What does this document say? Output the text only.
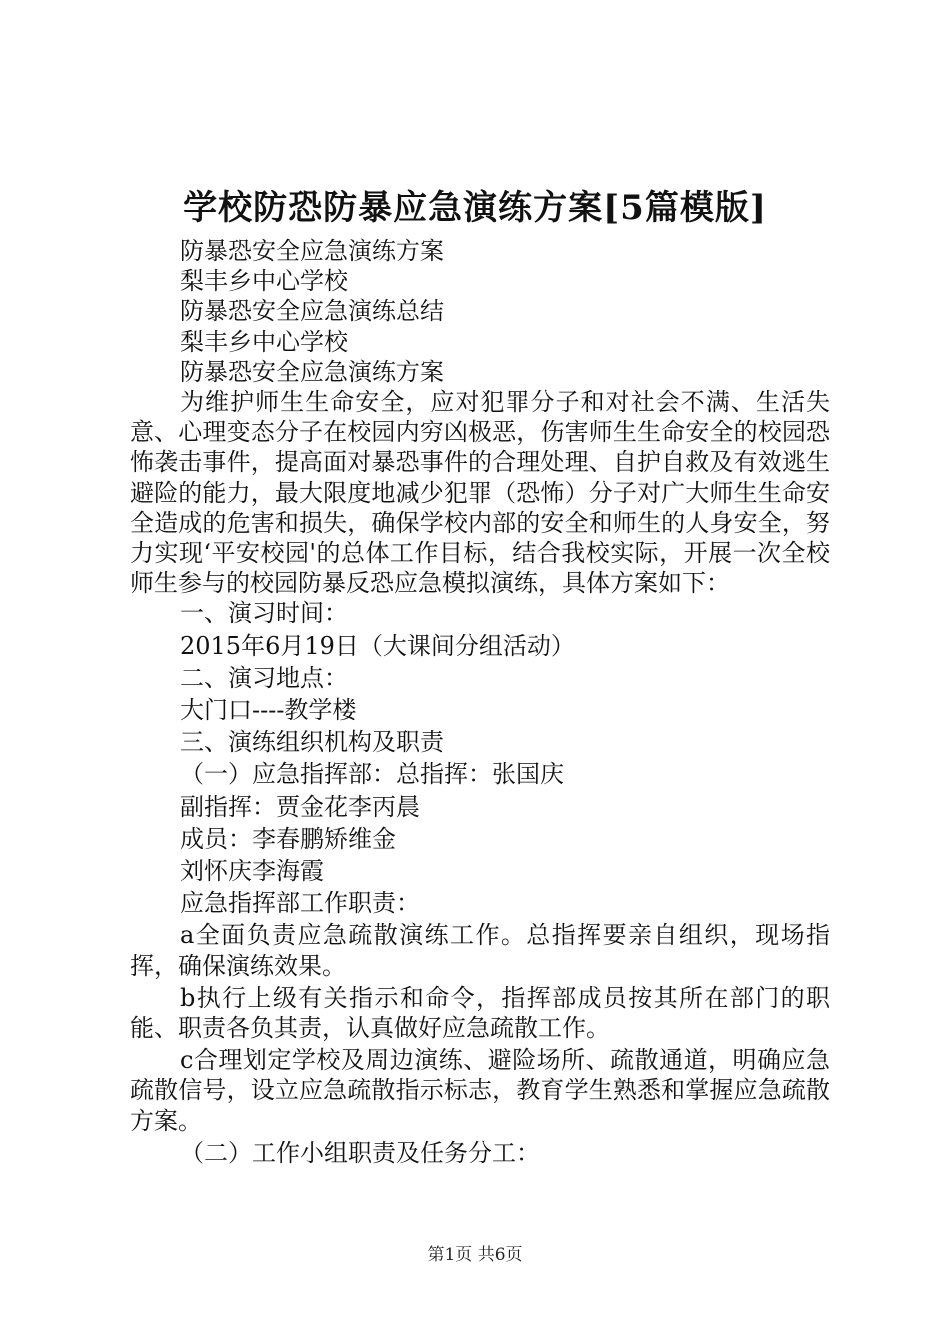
学校防恐防暴应急演练方案[5篇模版]

防暴恐安全应急演练方案

梨丰乡中心学校

防暴恐安全应急演练总结

梨丰乡中心学校

防暴恐安全应急演练方案

为维护师生生命安全，应对犯罪分子和对社会不满、生活失意、心理变态分子在校园内穷凶极恶，伤害师生生命安全的校园恐怖袭击事件，提高面对暴恐事件的合理处理、自护自救及有效逃生避险的能力，最大限度地减少犯罪（恐怖）分子对广大师生生命安全造成的危害和损失，确保学校内部的安全和师生的人身安全，努力实现‘平安校园'的总体工作目标，结合我校实际，开展一次全校师生参与的校园防暴反恐应急模拟演练，具体方案如下：

一、演习时间：

2015年6月19日（大课间分组活动）

二、演习地点：

大门口----教学楼

三、演练组织机构及职责

（一）应急指挥部：总指挥：张国庆

副指挥：贾金花李丙晨

成员：李春鹏矫维金

刘怀庆李海霞

应急指挥部工作职责：

a全面负责应急疏散演练工作。总指挥要亲自组织，现场指挥，确保演练效果。

b执行上级有关指示和命令，指挥部成员按其所在部门的职能、职责各负其责，认真做好应急疏散工作。

c合理划定学校及周边演练、避险场所、疏散通道，明确应急疏散信号，设立应急疏散指示标志，教育学生熟悉和掌握应急疏散方案。

（二）工作小组职责及任务分工：

第1页 共6页
